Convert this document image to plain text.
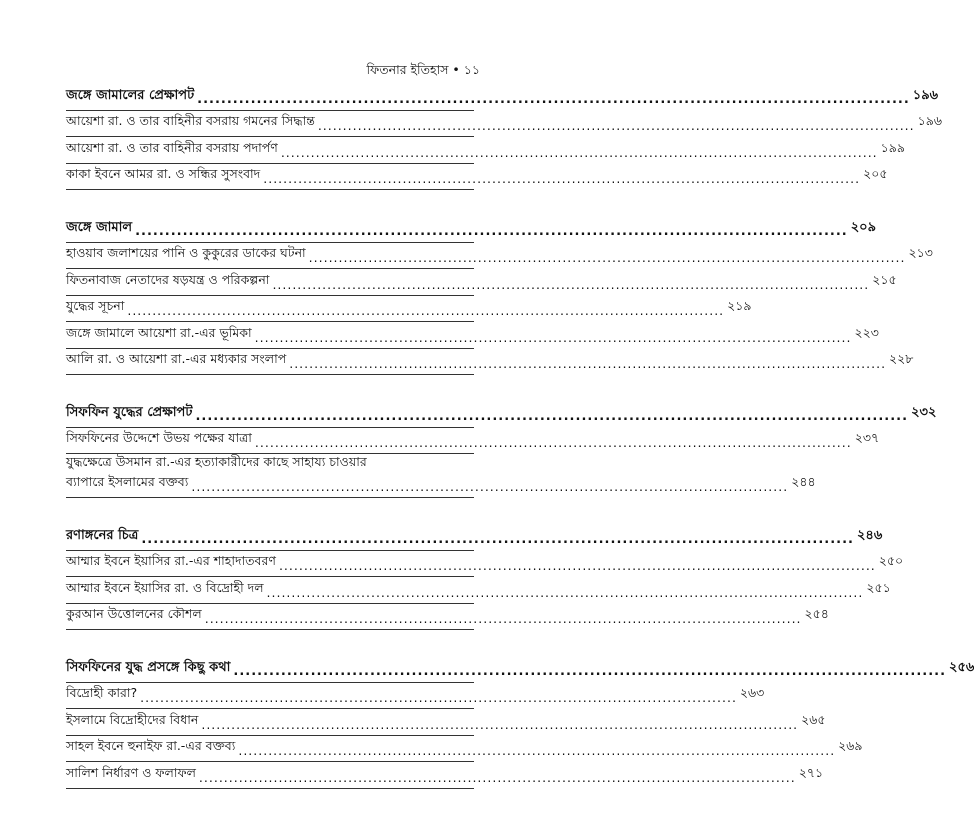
ফিতনার ইতিহাস • ১১
জঙ্গে জামালের প্রেক্ষাপট ........................................................................................................................ ১৯৬
আয়েশা রা. ও তার বাহিনীর বসরায় গমনের সিদ্ধান্ত ........................................................................................................................ ১৯৬
আয়েশা রা. ও তার বাহিনীর বসরায় পদার্পণ ........................................................................................................................ ১৯৯
কাকা ইবনে আমর রা. ও সন্ধির সুসংবাদ ........................................................................................................................ ২০৫
জঙ্গে জামাল ........................................................................................................................ ২০৯
হাওয়াব জলাশয়ের পানি ও কুকুরের ডাকের ঘটনা ........................................................................................................................ ২১৩
ফিতনাবাজ নেতাদের ষড়যন্ত্র ও পরিকল্পনা ........................................................................................................................ ২১৫
যুদ্ধের সূচনা ........................................................................................................................ ২১৯
জঙ্গে জামালে আয়েশা রা.-এর ভূমিকা ........................................................................................................................ ২২৩
আলি রা. ও আয়েশা রা.-এর মধ্যকার সংলাপ ........................................................................................................................ ২২৮
সিফফিন যুদ্ধের প্রেক্ষাপট ........................................................................................................................ ২৩২
সিফফিনের উদ্দেশে উভয় পক্ষের যাত্রা ........................................................................................................................ ২৩৭
যুদ্ধক্ষেত্রে উসমান রা.-এর হত্যাকারীদের কাছে সাহায্য চাওয়ার
ব্যাপারে ইসলামের বক্তব্য ........................................................................................................................ ২৪৪
রণাঙ্গনের চিত্র ........................................................................................................................ ২৪৬
আম্মার ইবনে ইয়াসির রা.-এর শাহাদাতবরণ ........................................................................................................................ ২৫০
আম্মার ইবনে ইয়াসির রা. ও বিদ্রোহী দল ........................................................................................................................ ২৫১
কুরআন উত্তোলনের কৌশল ........................................................................................................................ ২৫৪
সিফফিনের যুদ্ধ প্রসঙ্গে কিছু কথা ........................................................................................................................ ২৫৬
বিদ্রোহী কারা? ........................................................................................................................ ২৬৩
ইসলামে বিদ্রোহীদের বিধান ........................................................................................................................ ২৬৫
সাহল ইবনে হুনাইফ রা.-এর বক্তব্য ........................................................................................................................ ২৬৯
সালিশ নির্ধারণ ও ফলাফল ........................................................................................................................ ২৭১
